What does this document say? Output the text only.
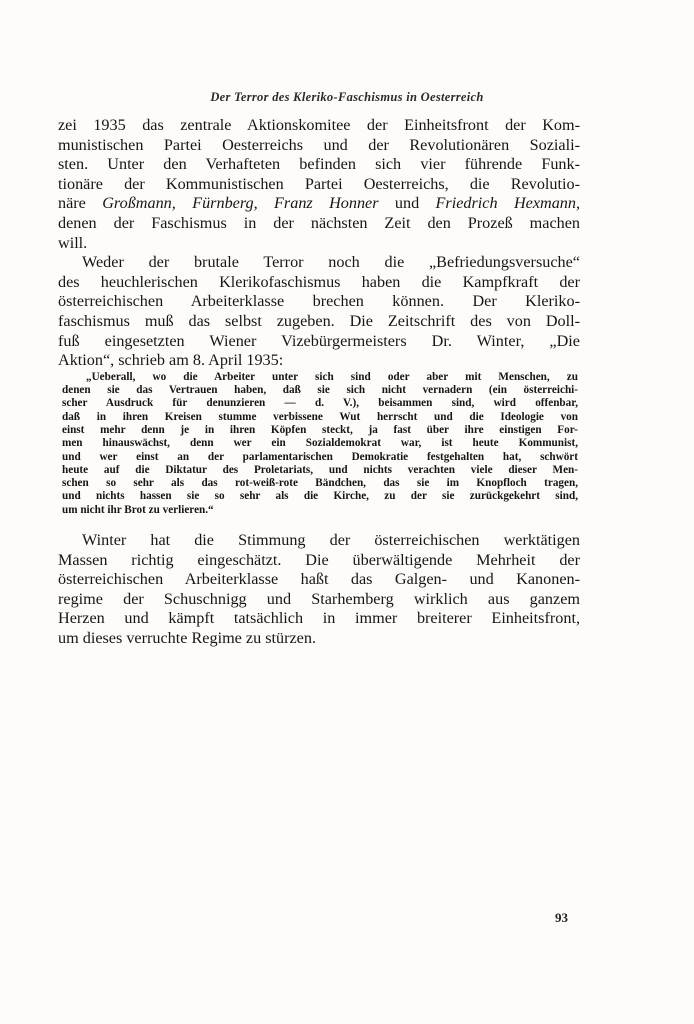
Der Terror des Kleriko-Faschismus in Oesterreich

zei 1935 das zentrale Aktionskomitee der Einheitsfront der Kom-
munistischen Partei Oesterreichs und der Revolutionären Soziali-
sten. Unter den Verhafteten befinden sich vier führende Funk-
tionäre der Kommunistischen Partei Oesterreichs, die Revolutio-
näre Großmann, Fürnberg, Franz Honner und Friedrich Hexmann,
denen der Faschismus in der nächsten Zeit den Prozeß machen
will.

Weder der brutale Terror noch die „Befriedungsversuche“
des heuchlerischen Klerikofaschismus haben die Kampfkraft der
österreichischen Arbeiterklasse brechen können. Der Kleriko-
faschismus muß das selbst zugeben. Die Zeitschrift des von Doll-
fuß eingesetzten Wiener Vizebürgermeisters Dr. Winter, „Die
Aktion“, schrieb am 8. April 1935:

„Ueberall, wo die Arbeiter unter sich sind oder aber mit Menschen, zu
denen sie das Vertrauen haben, daß sie sich nicht vernadern (ein österreichi-
scher Ausdruck für denunzieren — d. V.), beisammen sind, wird offenbar,
daß in ihren Kreisen stumme verbissene Wut herrscht und die Ideologie von
einst mehr denn je in ihren Köpfen steckt, ja fast über ihre einstigen For-
men hinauswächst, denn wer ein Sozialdemokrat war, ist heute Kommunist,
und wer einst an der parlamentarischen Demokratie festgehalten hat, schwört
heute auf die Diktatur des Proletariats, und nichts verachten viele dieser Men-
schen so sehr als das rot-weiß-rote Bändchen, das sie im Knopfloch tragen,
und nichts hassen sie so sehr als die Kirche, zu der sie zurückgekehrt sind,
um nicht ihr Brot zu verlieren.“

Winter hat die Stimmung der österreichischen werktätigen
Massen richtig eingeschätzt. Die überwältigende Mehrheit der
österreichischen Arbeiterklasse haßt das Galgen- und Kanonen-
regime der Schuschnigg und Starhemberg wirklich aus ganzem
Herzen und kämpft tatsächlich in immer breiterer Einheitsfront,
um dieses verruchte Regime zu stürzen.

93
